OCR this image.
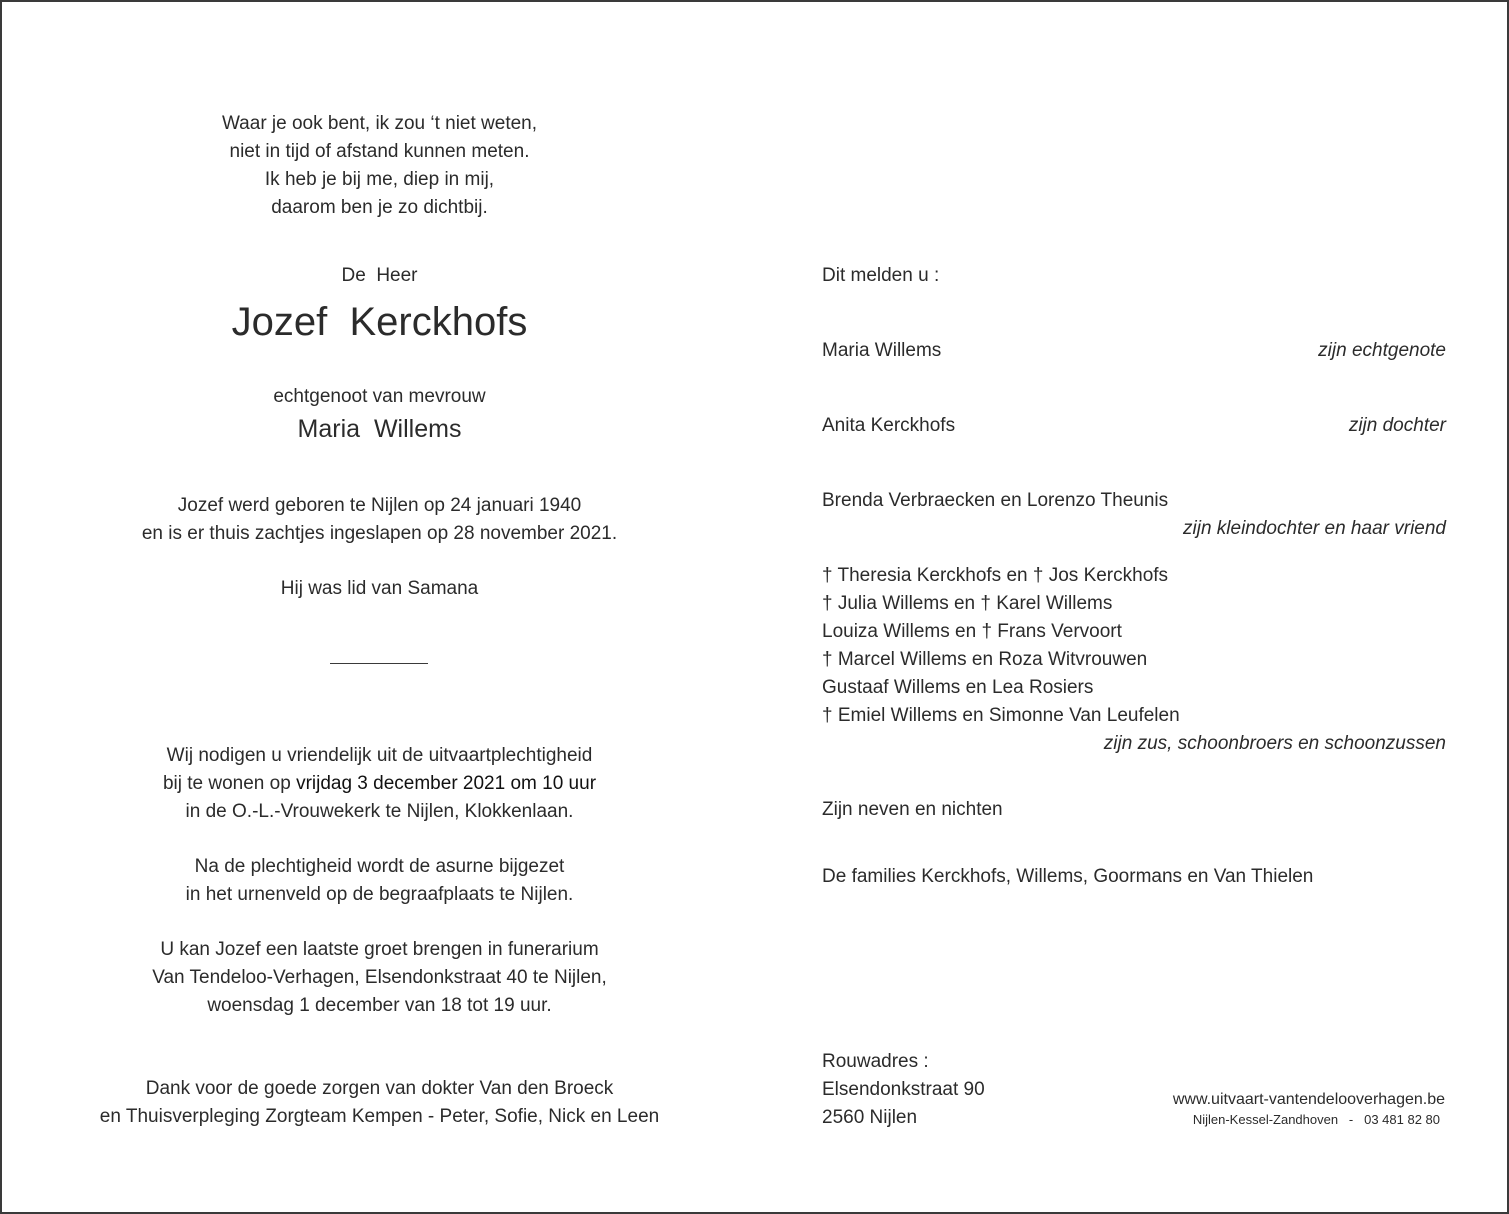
Waar je ook bent, ik zou ‘t niet weten,
niet in tijd of afstand kunnen meten.
Ik heb je bij me, diep in mij,
daarom ben je zo dichtbij.
De  Heer
Jozef  Kerckhofs
echtgenoot van mevrouw
Maria  Willems
Jozef werd geboren te Nijlen op 24 januari 1940
en is er thuis zachtjes ingeslapen op 28 november 2021.
Hij was lid van Samana
Wij nodigen u vriendelijk uit de uitvaartplechtigheid
bij te wonen op vrijdag 3 december 2021 om 10 uur
in de O.-L.-Vrouwekerk te Nijlen, Klokkenlaan.
Na de plechtigheid wordt de asurne bijgezet
in het urnenveld op de begraafplaats te Nijlen.
U kan Jozef een laatste groet brengen in funerarium
Van Tendeloo-Verhagen, Elsendonkstraat 40 te Nijlen,
woensdag 1 december van 18 tot 19 uur.
Dank voor de goede zorgen van dokter Van den Broeck
en Thuisverpleging Zorgteam Kempen - Peter, Sofie, Nick en Leen
Dit melden u :
Maria Willems	zijn echtgenote
Anita Kerckhofs	zijn dochter
Brenda Verbraecken en Lorenzo Theunis
zijn kleindochter en haar vriend
† Theresia Kerckhofs en † Jos Kerckhofs
† Julia Willems en † Karel Willems
Louiza Willems en † Frans Vervoort
† Marcel Willems en Roza Witvrouwen
Gustaaf Willems en Lea Rosiers
† Emiel Willems en Simonne Van Leufelen
zijn zus, schoonbroers en schoonzussen
Zijn neven en nichten
De families Kerckhofs, Willems, Goormans en Van Thielen
Rouwadres :
Elsendonkstraat 90
2560 Nijlen
www.uitvaart-vantendelooverhagen.be
Nijlen-Kessel-Zandhoven   -   03 481 82 80
